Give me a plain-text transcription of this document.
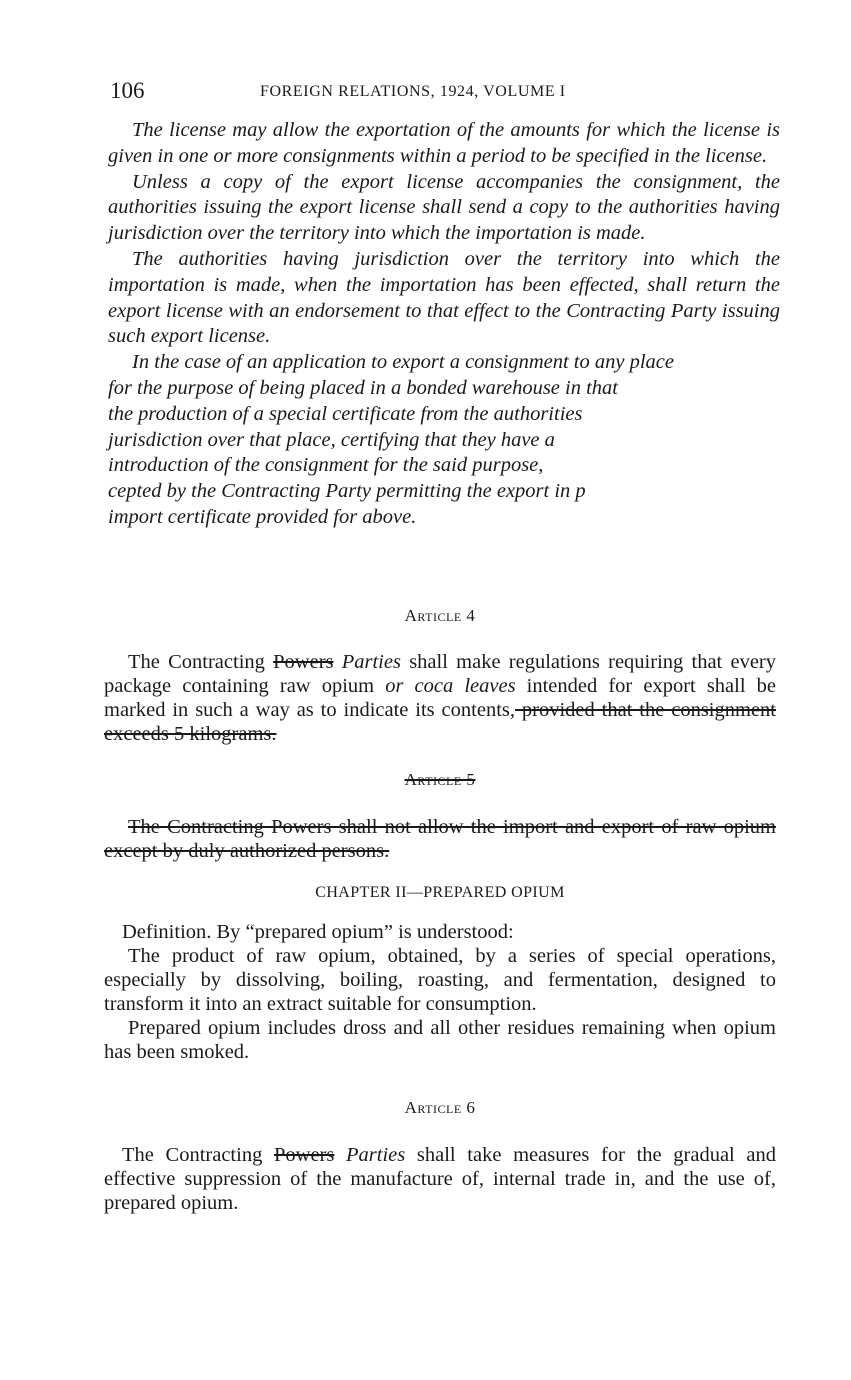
106	FOREIGN RELATIONS, 1924, VOLUME I

The license may allow the exportation of the amounts for which the license is given in one or more consignments within a period to be specified in the license.

Unless a copy of the export license accompanies the consignment, the authorities issuing the export license shall send a copy to the authorities having jurisdiction over the territory into which the importation is made.

The authorities having jurisdiction over the territory into which the importation is made, when the importation has been effected, shall return the export license with an endorsement to that effect to the Contracting Party issuing such export license.

In the case of an application to export a consignment to any place
for the purpose of being placed in a bonded warehouse in that
the production of a special certificate from the authorities
jurisdiction over that place, certifying that they have a
introduction of the consignment for the said purpose,
cepted by the Contracting Party permitting the export in p
import certificate provided for above.
Article 4

The Contracting Powers Parties shall make regulations requiring that every package containing raw opium or coca leaves intended for export shall be marked in such a way as to indicate its contents, provided that the consignment exceeds 5 kilograms.

Article 5

The Contracting Powers shall not allow the import and export of raw opium except by duly authorized persons.

CHAPTER II—PREPARED OPIUM

Definition. By “prepared opium” is understood:

The product of raw opium, obtained, by a series of special operations, especially by dissolving, boiling, roasting, and fermentation, designed to transform it into an extract suitable for consumption.

Prepared opium includes dross and all other residues remaining when opium has been smoked.

Article 6

The Contracting Powers Parties shall take measures for the gradual and effective suppression of the manufacture of, internal trade in, and the use of, prepared opium.
